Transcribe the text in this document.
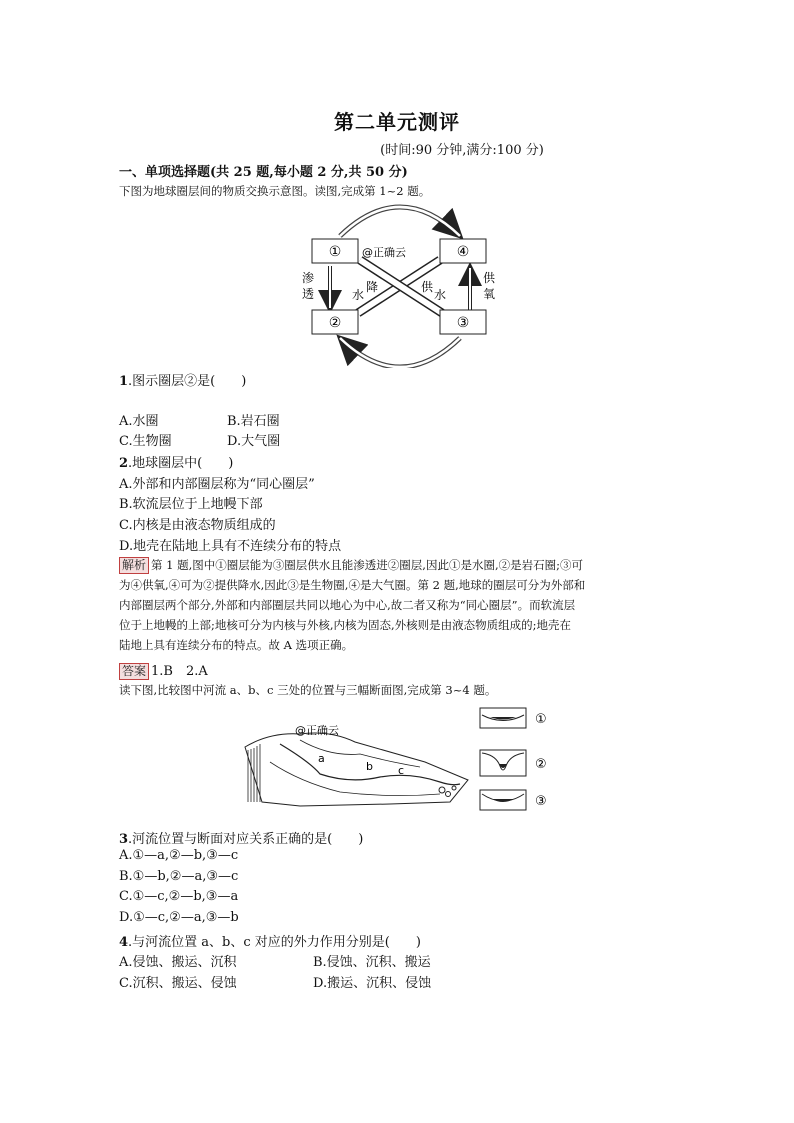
第二单元测评
(时间:90 分钟,满分:100 分)
一、单项选择题(共 25 题,每小题 2 分,共 50 分)
下图为地球圈层间的物质交换示意图。读图,完成第 1~2 题。
①	④
②	③
@正确云
渗
透
供
氧
水
降	供
水
1.图示圈层②是(　　)
A.水圈	B.岩石圈
C.生物圈	D.大气圈
2.地球圈层中(　　)
A.外部和内部圈层称为“同心圈层”
B.软流层位于上地幔下部
C.内核是由液态物质组成的
D.地壳在陆地上具有不连续分布的特点
解析 第 1 题,图中①圈层能为③圈层供水且能渗透进②圈层,因此①是水圈,②是岩石圈;③可
为④供氧,④可为②提供降水,因此③是生物圈,④是大气圈。第 2 题,地球的圈层可分为外部和
内部圈层两个部分,外部和内部圈层共同以地心为中心,故二者又称为“同心圈层”。而软流层
位于上地幔的上部;地核可分为内核与外核,内核为固态,外核则是由液态物质组成的;地壳在
陆地上具有连续分布的特点。故 A 选项正确。
答案 1.B　2.A
读下图,比较图中河流 a、b、c 三处的位置与三幅断面图,完成第 3~4 题。
@正确云
a
b c
①
②
③
3.河流位置与断面对应关系正确的是(　　)
A.①—a,②—b,③—c
B.①—b,②—a,③—c
C.①—c,②—b,③—a
D.①—c,②—a,③—b
4.与河流位置 a、b、c 对应的外力作用分别是(　　)
A.侵蚀、搬运、沉积	B.侵蚀、沉积、搬运
C.沉积、搬运、侵蚀	D.搬运、沉积、侵蚀
